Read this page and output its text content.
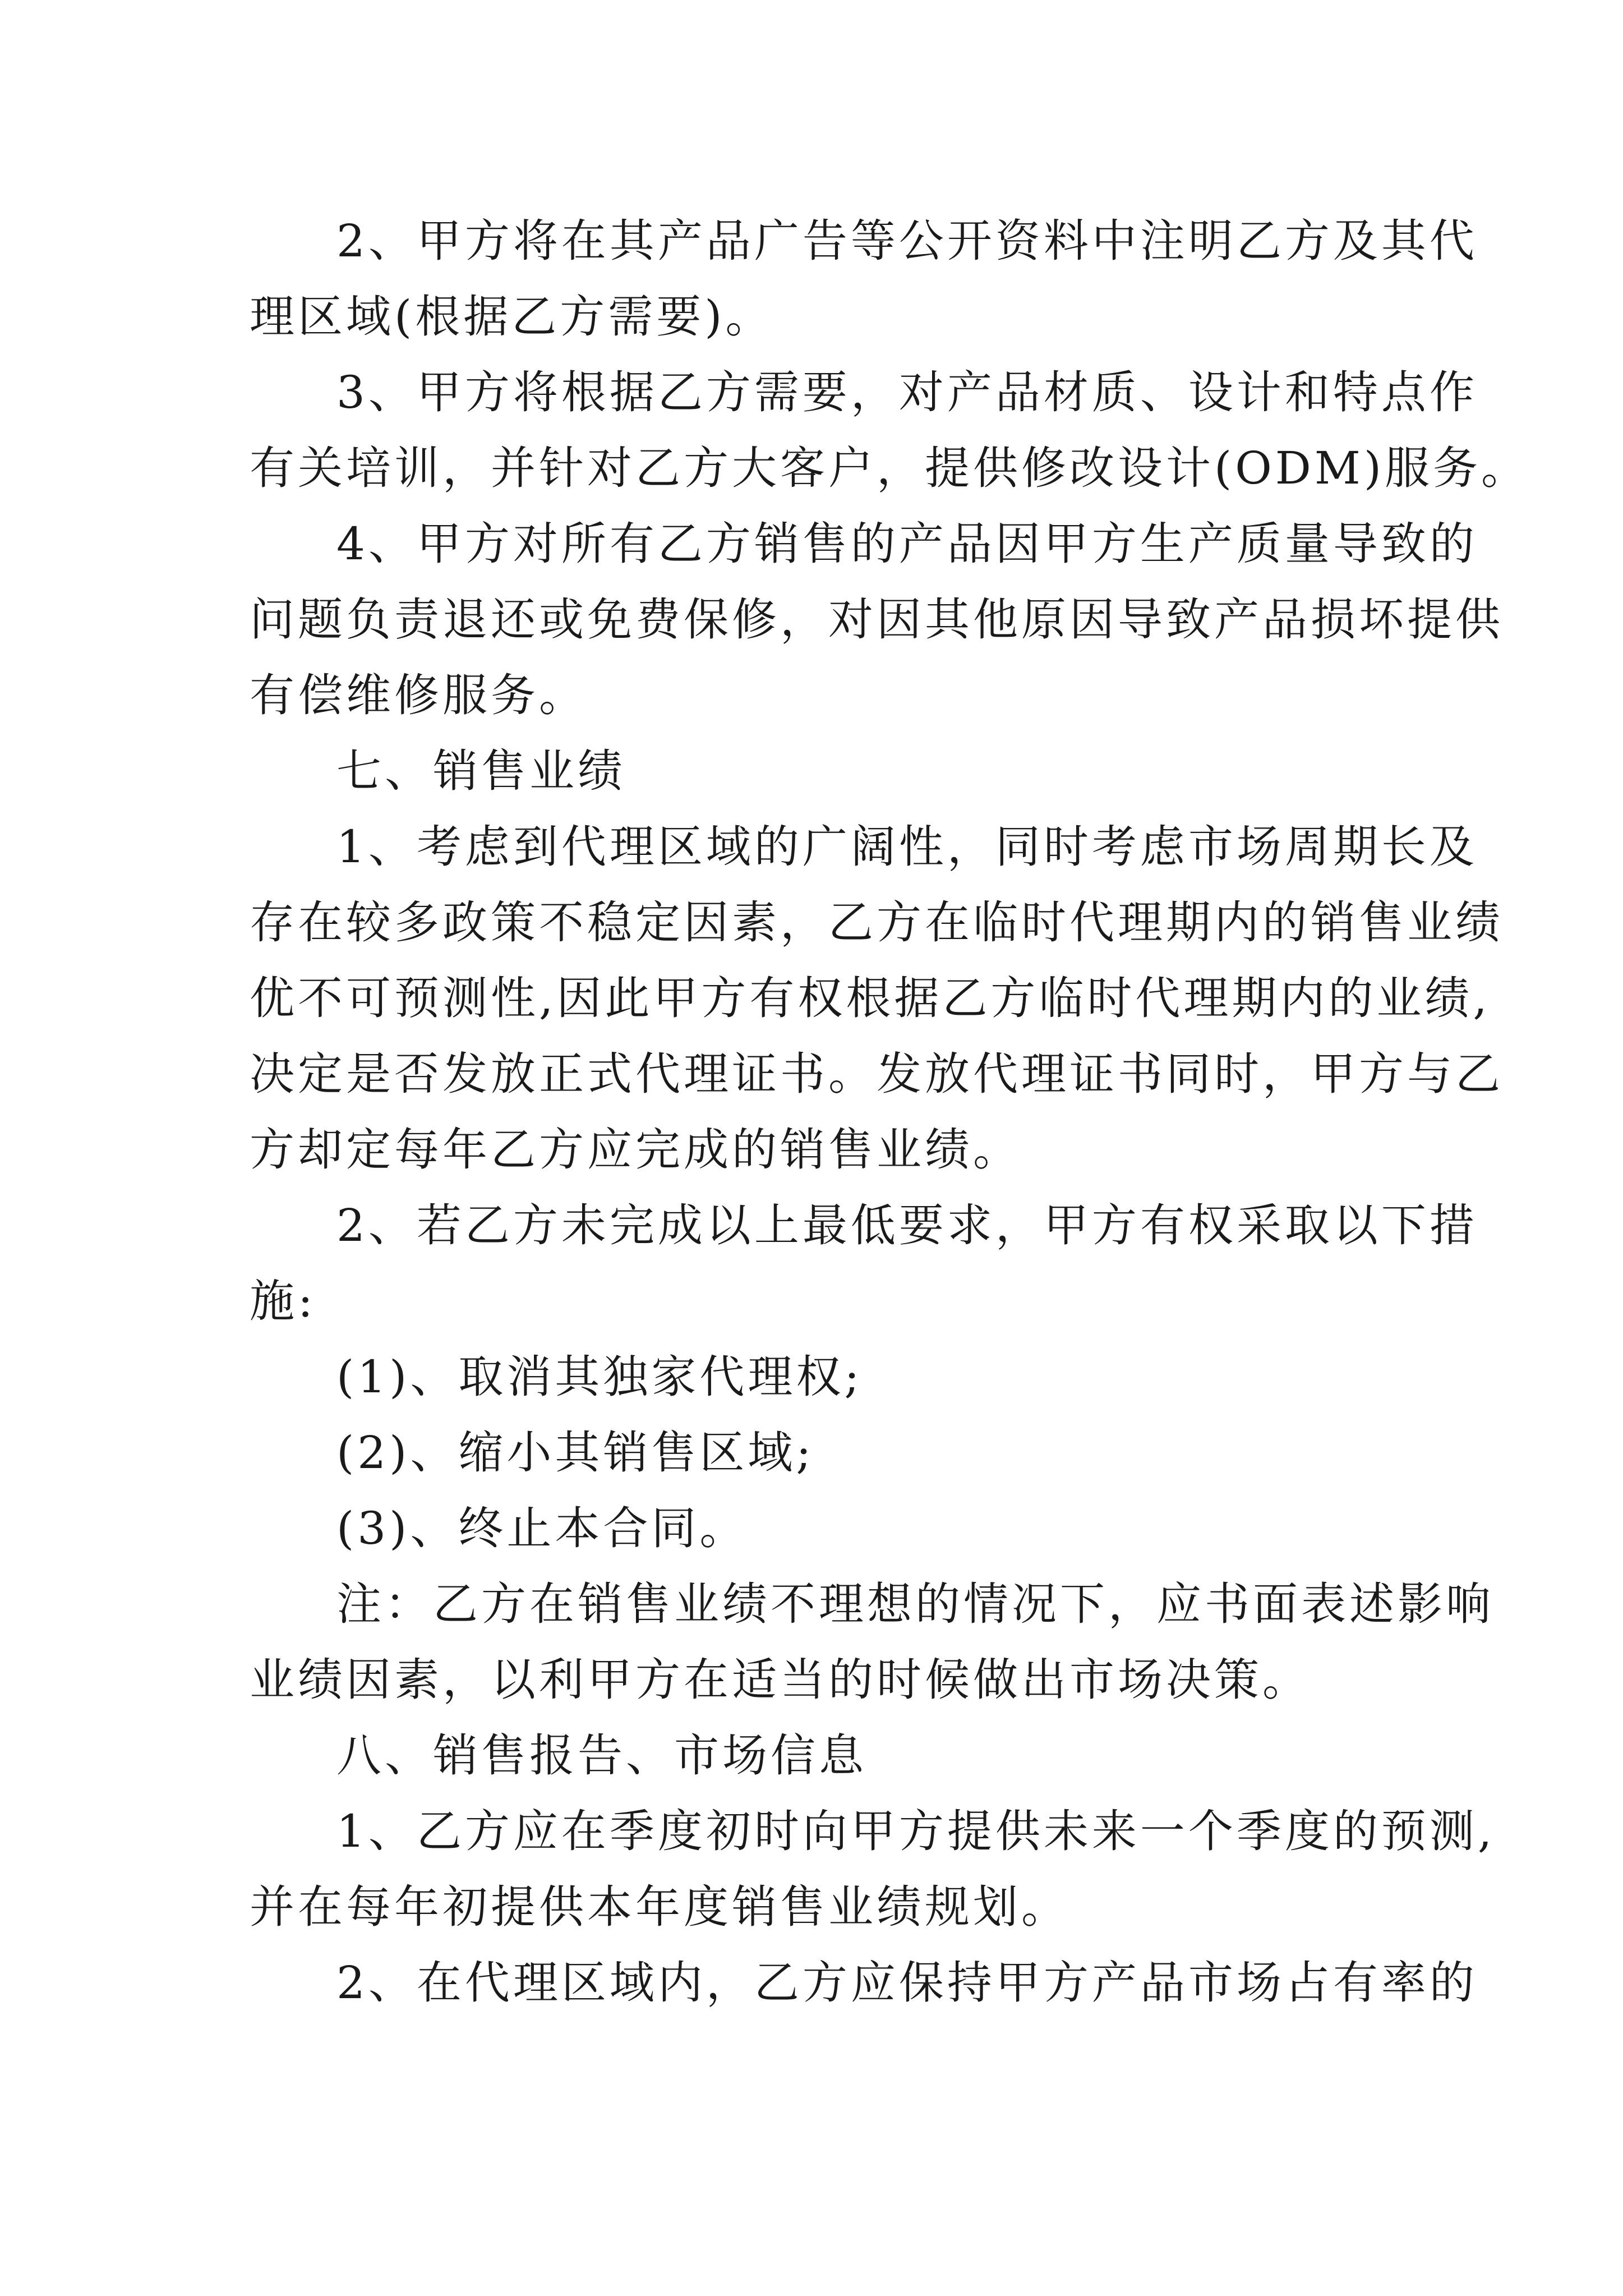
2、甲方将在其产品广告等公开资料中注明乙方及其代
理区域(根据乙方需要)。
3、甲方将根据乙方需要，对产品材质、设计和特点作
有关培训，并针对乙方大客户，提供修改设计(ODM)服务。
4、甲方对所有乙方销售的产品因甲方生产质量导致的
问题负责退还或免费保修，对因其他原因导致产品损坏提供
有偿维修服务。
七、销售业绩
1、考虑到代理区域的广阔性，同时考虑市场周期长及
存在较多政策不稳定因素，乙方在临时代理期内的销售业绩
优不可预测性,因此甲方有权根据乙方临时代理期内的业绩,
决定是否发放正式代理证书。发放代理证书同时，甲方与乙
方却定每年乙方应完成的销售业绩。
2、若乙方未完成以上最低要求，甲方有权采取以下措
施:
(1)、取消其独家代理权;
(2)、缩小其销售区域;
(3)、终止本合同。
注：乙方在销售业绩不理想的情况下，应书面表述影响
业绩因素，以利甲方在适当的时候做出市场决策。
八、销售报告、市场信息
1、乙方应在季度初时向甲方提供未来一个季度的预测,
并在每年初提供本年度销售业绩规划。
2、在代理区域内，乙方应保持甲方产品市场占有率的
